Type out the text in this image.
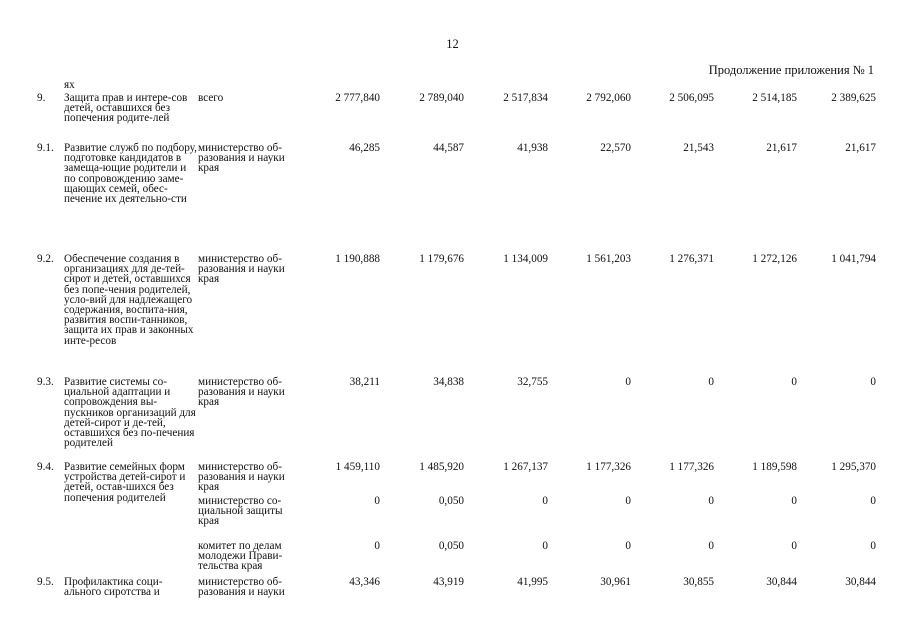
12
Продолжение приложения № 1
	ях								
9.	Защита прав и интере-сов детей, оставшихся без попечения родите-лей	всего	2 777,840	2 789,040	2 517,834	2 792,060	2 506,095	2 514,185	2 389,625
9.1.	Развитие служб по подбору, подготовке кандидатов в замеща-ющие родители и по сопровождению заме-щающих семей, обес-печение их деятельно-сти	министерство об-разования и науки края	46,285	44,587	41,938	22,570	21,543	21,617	21,617
9.2.	Обеспечение создания в организациях для де-тей-сирот и детей, оставшихся без попе-чения родителей, усло-вий для надлежащего содержания, воспита-ния, развития воспи-танников, защита их прав и законных инте-ресов	министерство об-разования и науки края	1 190,888	1 179,676	1 134,009	1 561,203	1 276,371	1 272,126	1 041,794
9.3.	Развитие системы со-циальной адаптации и сопровождения вы-пускников организаций для детей-сирот и де-тей, оставшихся без по-печения родителей	министерство об-разования и науки края	38,211	34,838	32,755	0	0	0	0
9.4.	Развитие семейных форм устройства детей-сирот и детей, остав-шихся без попечения родителей	министерство об-разования и науки края	1 459,110	1 485,920	1 267,137	1 177,326	1 177,326	1 189,598	1 295,370
		министерство со-циальной защиты края	0	0,050	0	0	0	0	0
		комитет по делам молодежи Прави-тельства края	0	0,050	0	0	0	0	0
9.5.	Профилактика соци-ального сиротства и	министерство об-разования и науки	43,346	43,919	41,995	30,961	30,855	30,844	30,844
